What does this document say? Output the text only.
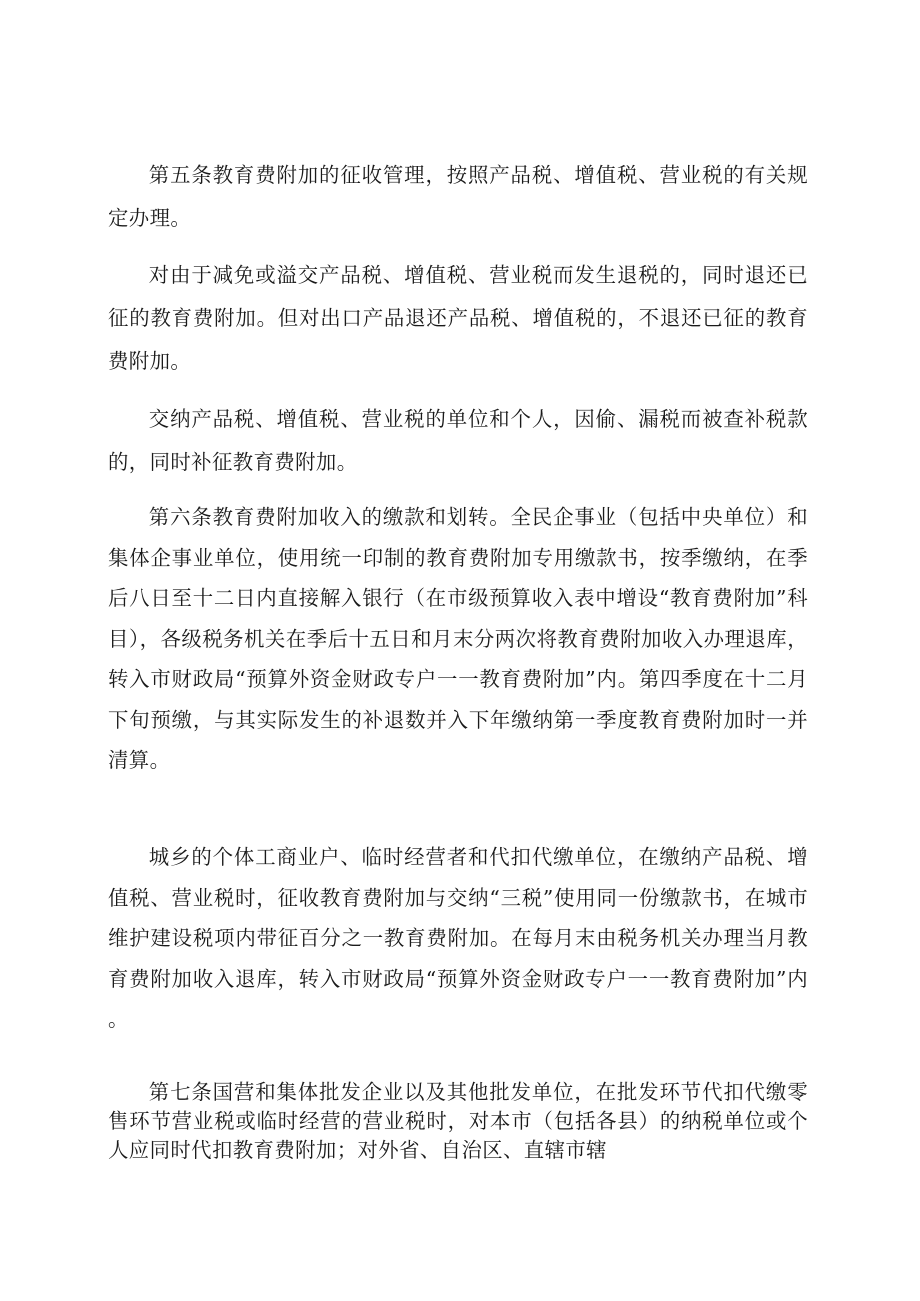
第五条教育费附加的征收管理，按照产品税、增值税、营业税的有关规定办理。

对由于减免或溢交产品税、增值税、营业税而发生退税的，同时退还已征的教育费附加。但对出口产品退还产品税、增值税的，不退还已征的教育费附加。

交纳产品税、增值税、营业税的单位和个人，因偷、漏税而被查补税款的，同时补征教育费附加。

第六条教育费附加收入的缴款和划转。全民企事业（包括中央单位）和集体企事业单位，使用统一印制的教育费附加专用缴款书，按季缴纳，在季后八日至十二日内直接解入银行（在市级预算收入表中增设“教育费附加”科目），各级税务机关在季后十五日和月末分两次将教育费附加收入办理退库，转入市财政局“预算外资金财政专户一一教育费附加”内。第四季度在十二月下旬预缴，与其实际发生的补退数并入下年缴纳第一季度教育费附加时一并清算。

城乡的个体工商业户、临时经营者和代扣代缴单位，在缴纳产品税、增值税、营业税时，征收教育费附加与交纳“三税”使用同一份缴款书，在城市维护建设税项内带征百分之一教育费附加。在每月末由税务机关办理当月教育费附加收入退库，转入市财政局“预算外资金财政专户一一教育费附加”内。

第七条国营和集体批发企业以及其他批发单位，在批发环节代扣代缴零售环节营业税或临时经营的营业税时，对本市（包括各县）的纳税单位或个人应同时代扣教育费附加；对外省、自治区、直辖市辖
